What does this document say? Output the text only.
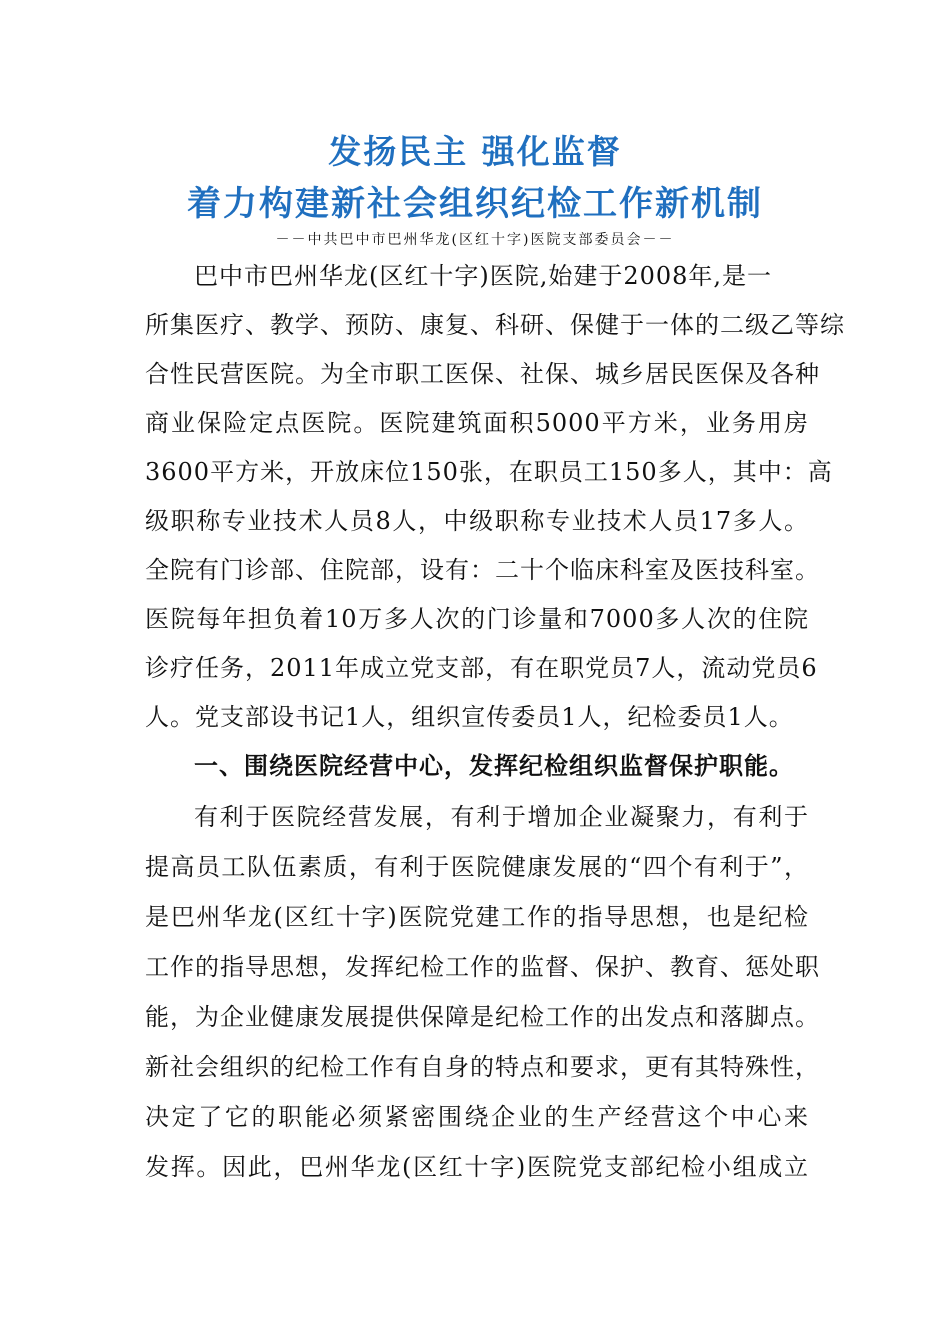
发扬民主 强化监督
着力构建新社会组织纪检工作新机制
－－中共巴中市巴州华龙(区红十字)医院支部委员会－－
巴中市巴州华龙(区红十字)医院,始建于2008年,是一
所集医疗、教学、预防、康复、科研、保健于一体的二级乙等综
合性民营医院。为全市职工医保、社保、城乡居民医保及各种
商业保险定点医院。医院建筑面积5000平方米，业务用房
3600平方米，开放床位150张，在职员工150多人，其中：高
级职称专业技术人员8人，中级职称专业技术人员17多人。
全院有门诊部、住院部，设有：二十个临床科室及医技科室。
医院每年担负着10万多人次的门诊量和7000多人次的住院
诊疗任务，2011年成立党支部，有在职党员7人，流动党员6
人。党支部设书记1人，组织宣传委员1人，纪检委员1人。
一、围绕医院经营中心，发挥纪检组织监督保护职能。
有利于医院经营发展，有利于增加企业凝聚力，有利于
提高员工队伍素质，有利于医院健康发展的“四个有利于”，
是巴州华龙(区红十字)医院党建工作的指导思想，也是纪检
工作的指导思想，发挥纪检工作的监督、保护、教育、惩处职
能，为企业健康发展提供保障是纪检工作的出发点和落脚点。
新社会组织的纪检工作有自身的特点和要求，更有其特殊性，
决定了它的职能必须紧密围绕企业的生产经营这个中心来
发挥。因此，巴州华龙(区红十字)医院党支部纪检小组成立
